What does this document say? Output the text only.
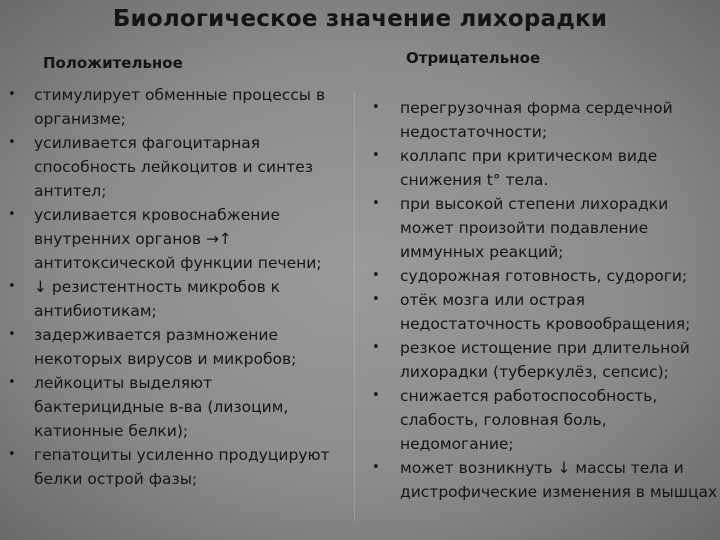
Биологическое значение лихорадки
Положительное	Отрицательное
• стимулирует обменные процессы в
организме;
• усиливается фагоцитарная
способность лейкоцитов и синтез
антител;
• усиливается кровоснабжение
внутренних органов →↑
антитоксической функции печени;
• ↓ резистентность микробов к
антибиотикам;
• задерживается размножение
некоторых вирусов и микробов;
• лейкоциты выделяют
бактерицидные в-ва (лизоцим,
катионные белки);
• гепатоциты усиленно продуцируют
белки острой фазы;
• перегрузочная форма сердечной
недостаточности;
• коллапс при критическом виде
снижения t° тела.
• при высокой степени лихорадки
может произойти подавление
иммунных реакций;
• судорожная готовность, судороги;
• отёк мозга или острая
недостаточность кровообращения;
• резкое истощение при длительной
лихорадки (туберкулёз, сепсис);
• снижается работоспособность,
слабость, головная боль,
недомогание;
• может возникнуть ↓ массы тела и
дистрофические изменения в мышцах
